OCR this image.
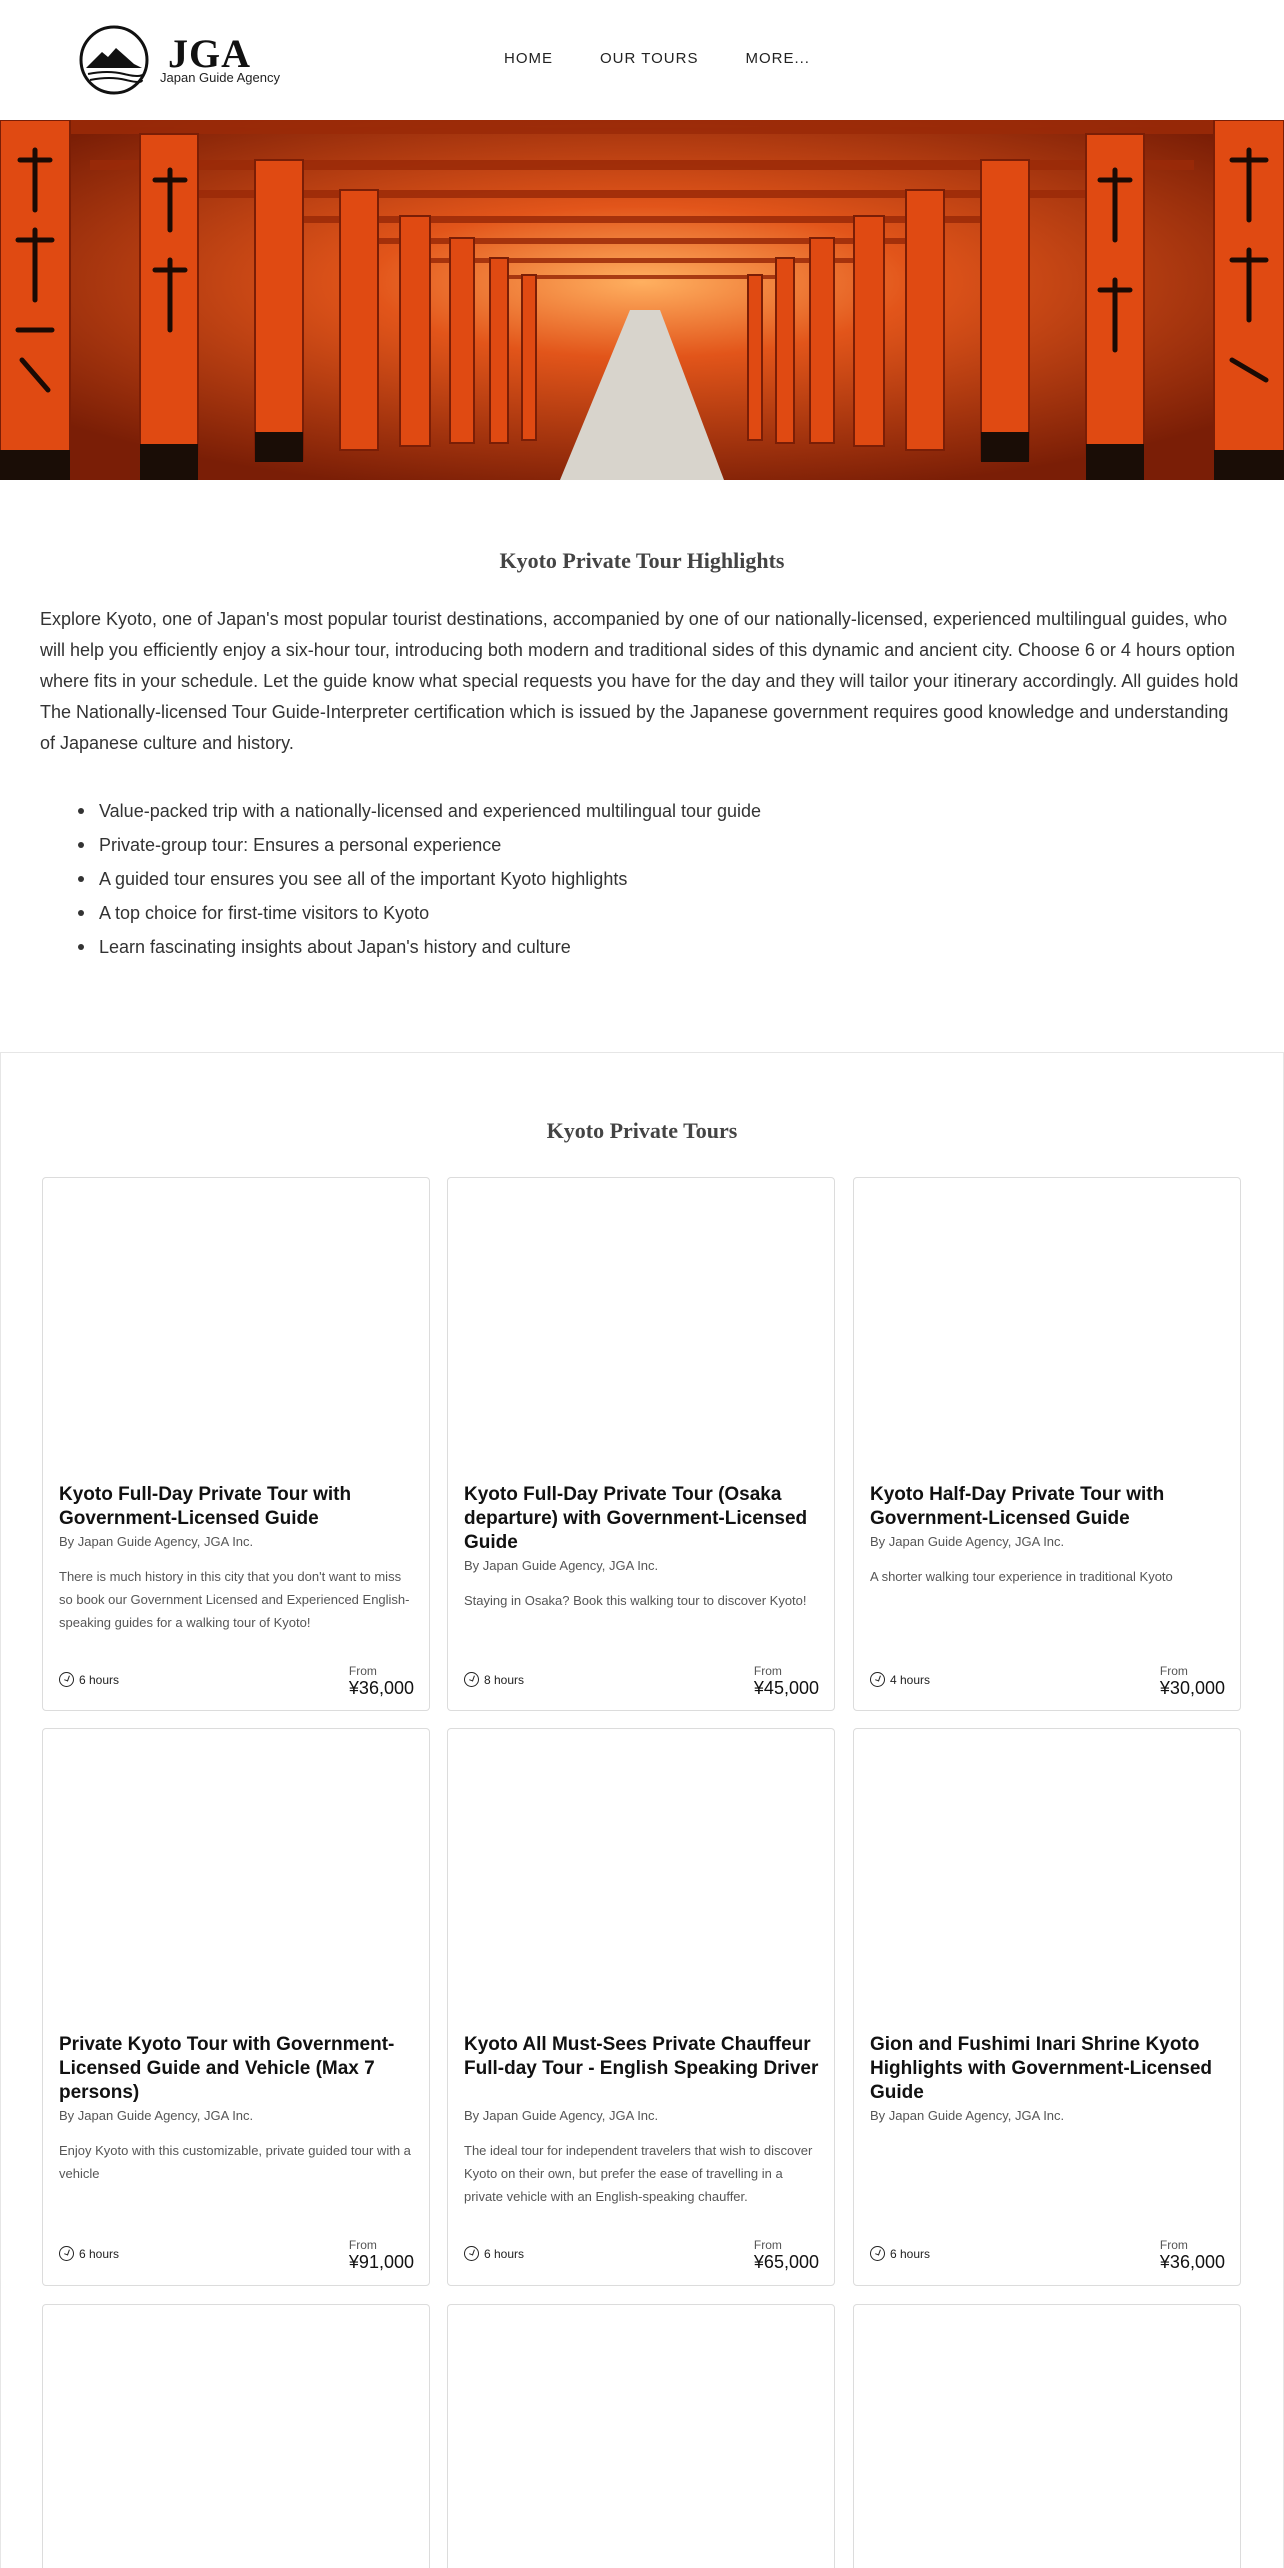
JGA
Japan Guide Agency
HOME	OUR TOURS	MORE...
Kyoto Private Tour Highlights

Explore Kyoto, one of Japan's most popular tourist destinations, accompanied by one of our nationally-licensed, experienced multilingual guides, who will help you efficiently enjoy a six-hour tour, introducing both modern and traditional sides of this dynamic and ancient city. Choose 6 or 4 hours option where fits in your schedule. Let the guide know what special requests you have for the day and they will tailor your itinerary accordingly. All guides hold The Nationally-licensed Tour Guide-Interpreter certification which is issued by the Japanese government requires good knowledge and understanding of Japanese culture and history.

Value-packed trip with a nationally-licensed and experienced multilingual tour guide
Private-group tour: Ensures a personal experience
A guided tour ensures you see all of the important Kyoto highlights
A top choice for first-time visitors to Kyoto
Learn fascinating insights about Japan's history and culture
Kyoto Private Tours
Kyoto Full-Day Private Tour with Government-Licensed Guide
By Japan Guide Agency, JGA Inc.
There is much history in this city that you don't want to miss so book our Government Licensed and Experienced English-speaking guides for a walking tour of Kyoto!
6 hours
From
¥36,000
Kyoto Full-Day Private Tour (Osaka departure) with Government-Licensed Guide
By Japan Guide Agency, JGA Inc.
Staying in Osaka? Book this walking tour to discover Kyoto!
8 hours
From
¥45,000
Kyoto Half-Day Private Tour with Government-Licensed Guide
By Japan Guide Agency, JGA Inc.
A shorter walking tour experience in traditional Kyoto
4 hours
From
¥30,000
Private Kyoto Tour with Government-Licensed Guide and Vehicle (Max 7 persons)
By Japan Guide Agency, JGA Inc.
Enjoy Kyoto with this customizable, private guided tour with a vehicle
6 hours
From
¥91,000
Kyoto All Must-Sees Private Chauffeur Full-day Tour - English Speaking Driver
By Japan Guide Agency, JGA Inc.
The ideal tour for independent travelers that wish to discover Kyoto on their own, but prefer the ease of travelling in a private vehicle with an English-speaking chauffer.
6 hours
From
¥65,000
Gion and Fushimi Inari Shrine Kyoto Highlights with Government-Licensed Guide
By Japan Guide Agency, JGA Inc.
6 hours
From
¥36,000
